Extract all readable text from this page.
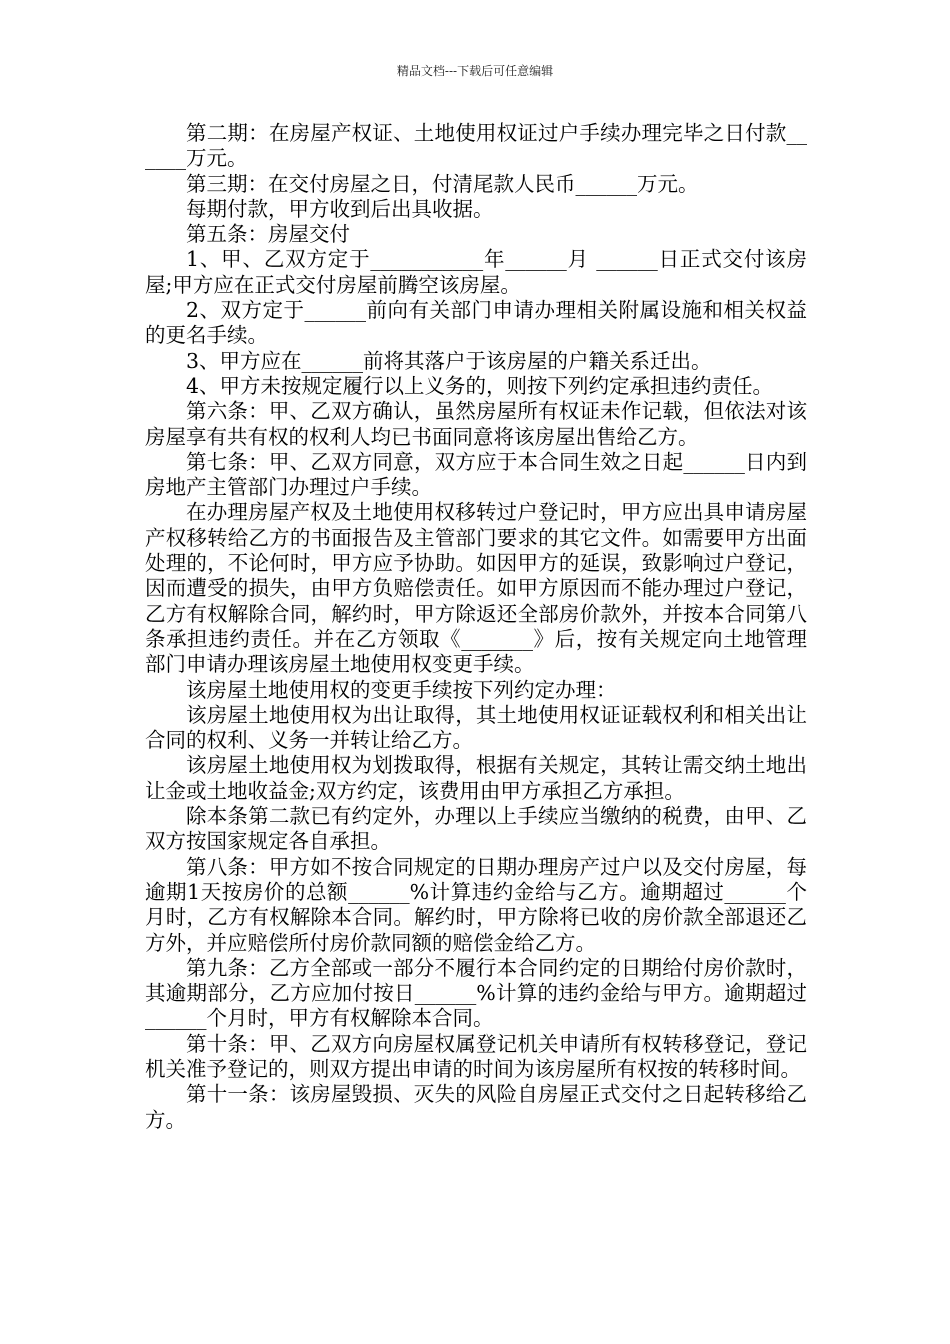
精品文档---下载后可任意编辑

第二期：在房屋产权证、土地使用权证过户手续办理完毕之日付款______万元。

第三期：在交付房屋之日，付清尾款人民币______万元。

每期付款，甲方收到后出具收据。

第五条：房屋交付

1、甲、乙双方定于___________年______月 ______日正式交付该房屋;甲方应在正式交付房屋前腾空该房屋。

2、双方定于______前向有关部门申请办理相关附属设施和相关权益的更名手续。

3、甲方应在______前将其落户于该房屋的户籍关系迁出。

4、甲方未按规定履行以上义务的，则按下列约定承担违约责任。

第六条：甲、乙双方确认，虽然房屋所有权证未作记载，但依法对该房屋享有共有权的权利人均已书面同意将该房屋出售给乙方。

第七条：甲、乙双方同意，双方应于本合同生效之日起______日内到房地产主管部门办理过户手续。

在办理房屋产权及土地使用权移转过户登记时，甲方应出具申请房屋产权移转给乙方的书面报告及主管部门要求的其它文件。如需要甲方出面处理的，不论何时，甲方应予协助。如因甲方的延误，致影响过户登记，因而遭受的损失，由甲方负赔偿责任。如甲方原因而不能办理过户登记，乙方有权解除合同，解约时，甲方除返还全部房价款外，并按本合同第八条承担违约责任。并在乙方领取《_______》后，按有关规定向土地管理部门申请办理该房屋土地使用权变更手续。

该房屋土地使用权的变更手续按下列约定办理：

该房屋土地使用权为出让取得，其土地使用权证证载权利和相关出让合同的权利、义务一并转让给乙方。

该房屋土地使用权为划拨取得，根据有关规定，其转让需交纳土地出让金或土地收益金;双方约定，该费用由甲方承担乙方承担。

除本条第二款已有约定外，办理以上手续应当缴纳的税费，由甲、乙双方按国家规定各自承担。

第八条：甲方如不按合同规定的日期办理房产过户以及交付房屋，每逾期1天按房价的总额______%计算违约金给与乙方。逾期超过______个月时，乙方有权解除本合同。解约时，甲方除将已收的房价款全部退还乙方外，并应赔偿所付房价款同额的赔偿金给乙方。

第九条：乙方全部或一部分不履行本合同约定的日期给付房价款时，其逾期部分，乙方应加付按日______%计算的违约金给与甲方。逾期超过______个月时，甲方有权解除本合同。

第十条：甲、乙双方向房屋权属登记机关申请所有权转移登记，登记机关准予登记的，则双方提出申请的时间为该房屋所有权按的转移时间。

第十一条：该房屋毁损、灭失的风险自房屋正式交付之日起转移给乙方。
